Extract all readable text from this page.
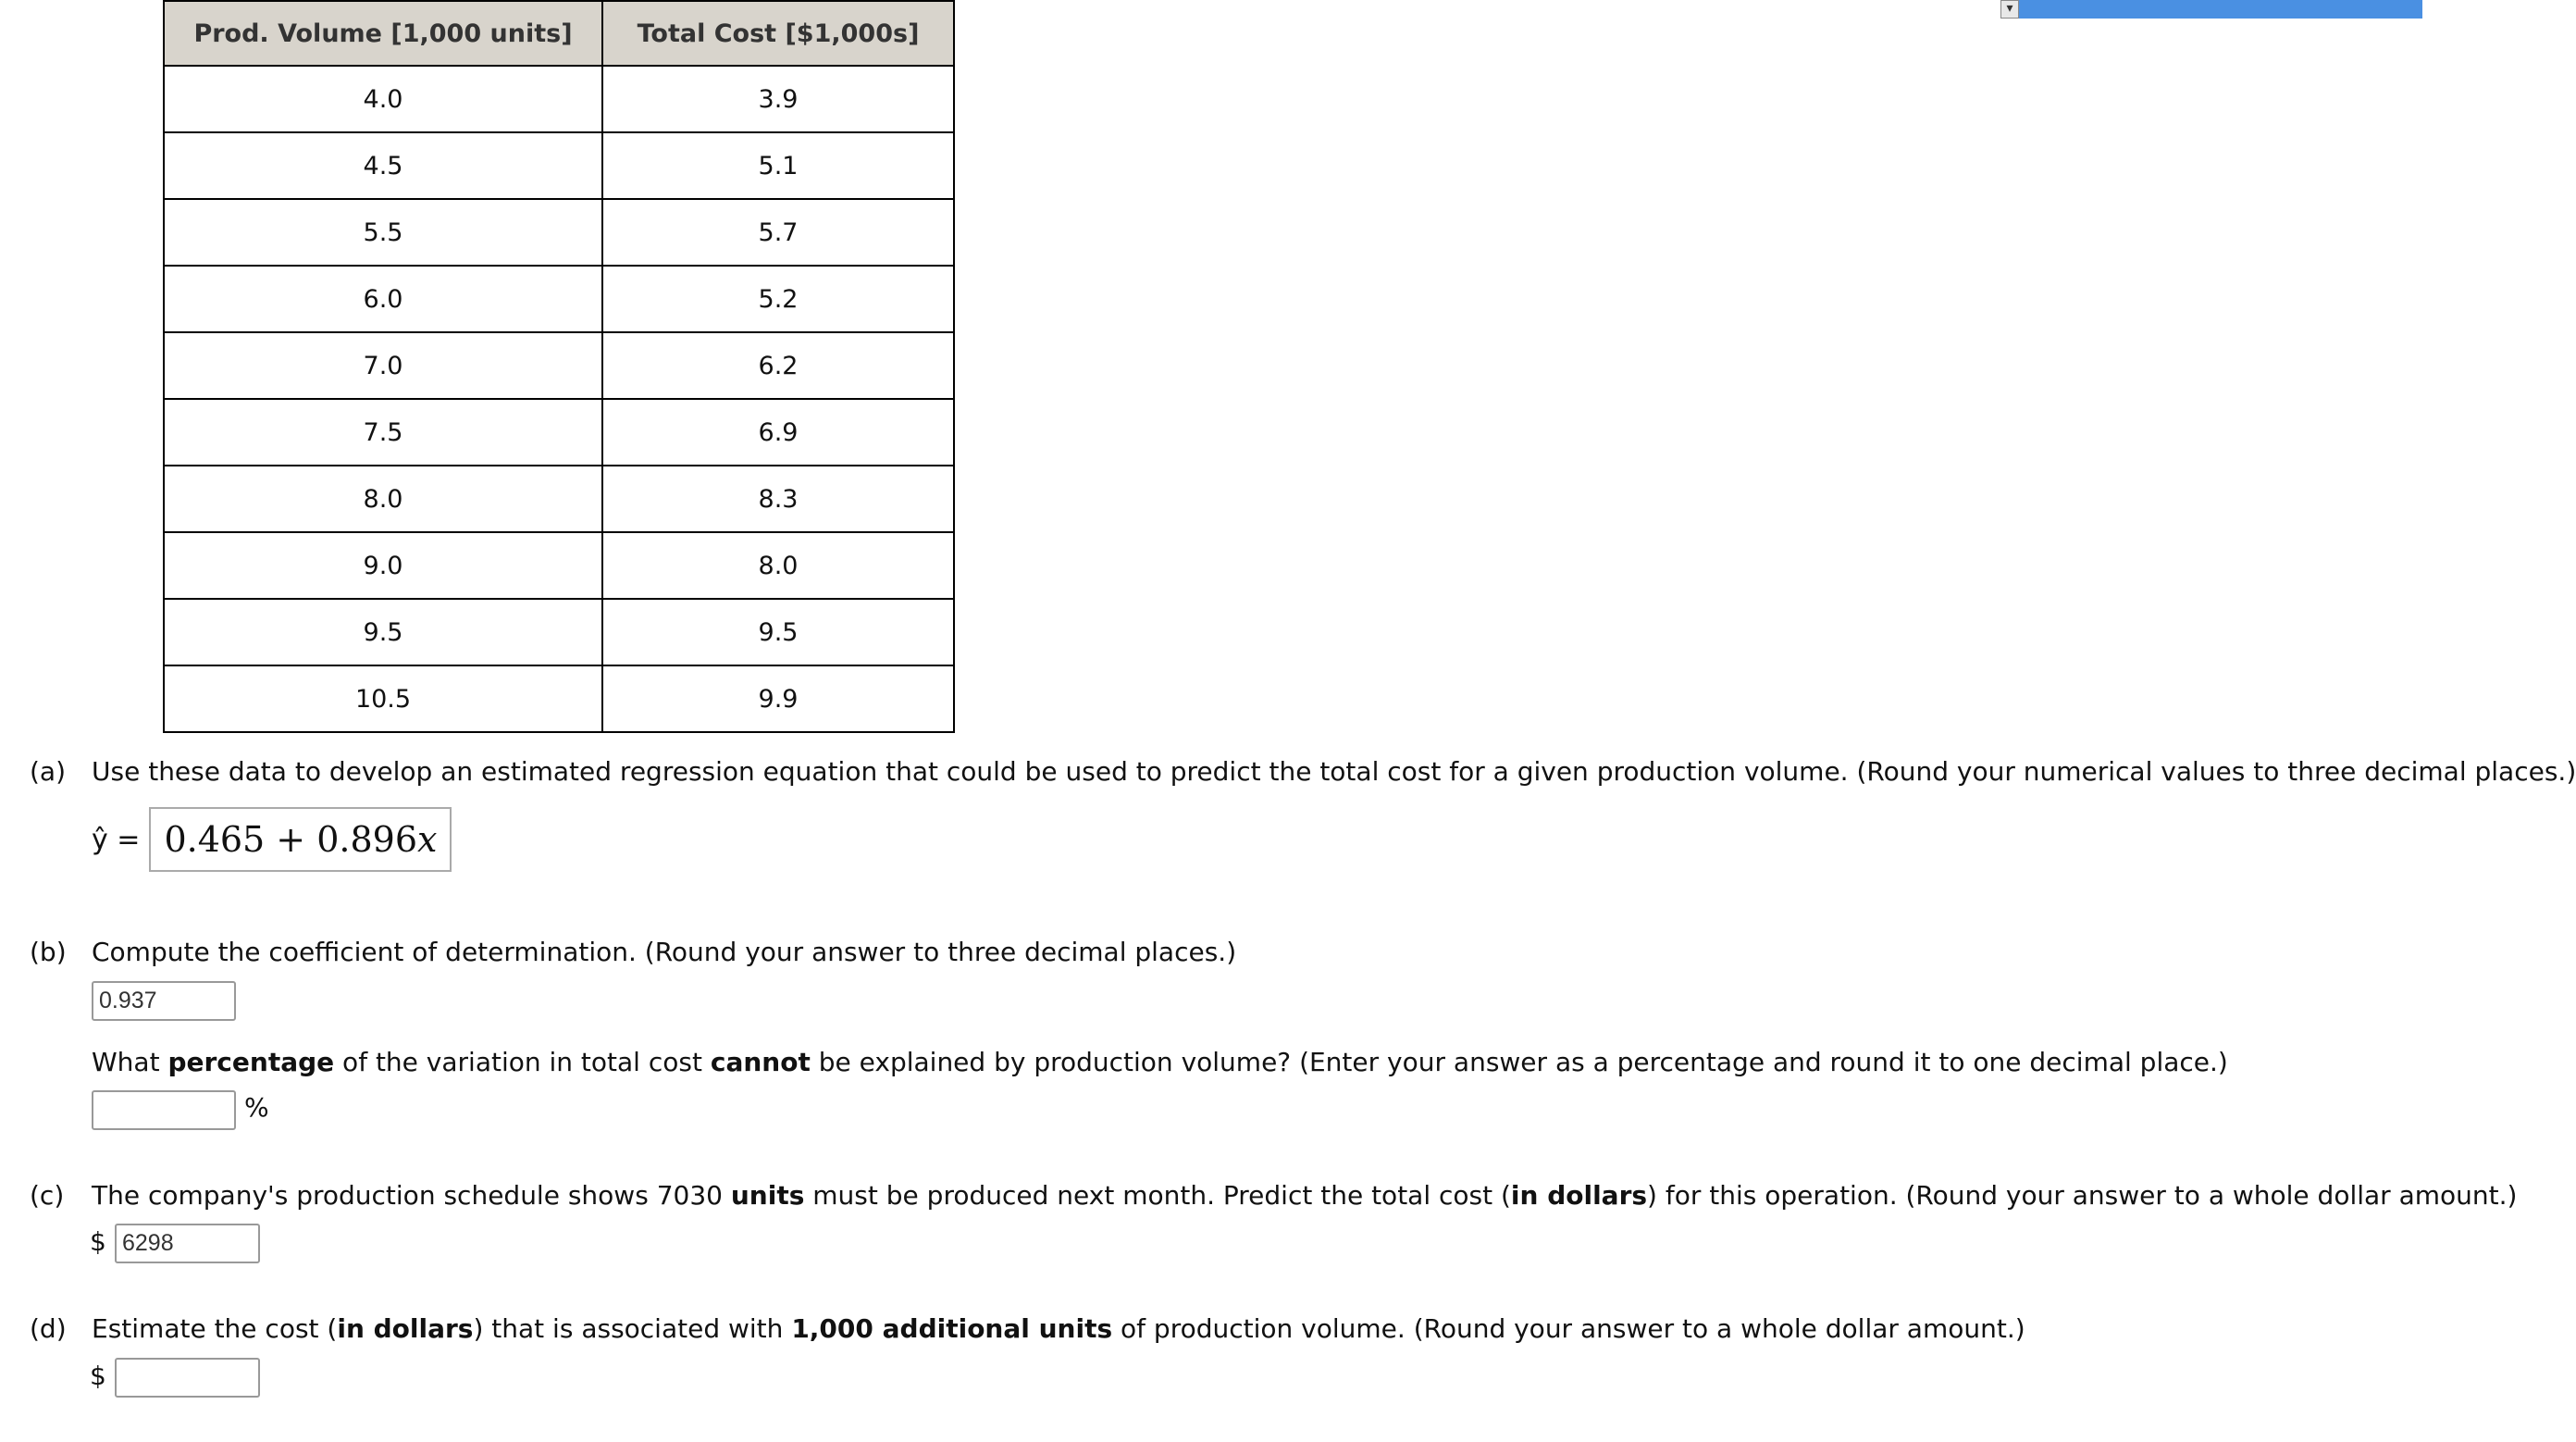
▾
Prod. Volume [1,000 units]	Total Cost [$1,000s]
4.0	3.9
4.5	5.1
5.5	5.7
6.0	5.2
7.0	6.2
7.5	6.9
8.0	8.3
9.0	8.0
9.5	9.5
10.5	9.9
(a) Use these data to develop an estimated regression equation that could be used to predict the total cost for a given production volume. (Round your numerical values to three decimal places.)
ŷ = 0.465 + 0.896x
(b) Compute the coefficient of determination. (Round your answer to three decimal places.)
0.937
What percentage of the variation in total cost cannot be explained by production volume? (Enter your answer as a percentage and round it to one decimal place.)
%
(c) The company's production schedule shows 7030 units must be produced next month. Predict the total cost (in dollars) for this operation. (Round your answer to a whole dollar amount.)
$ 6298
(d) Estimate the cost (in dollars) that is associated with 1,000 additional units of production volume. (Round your answer to a whole dollar amount.)
$
